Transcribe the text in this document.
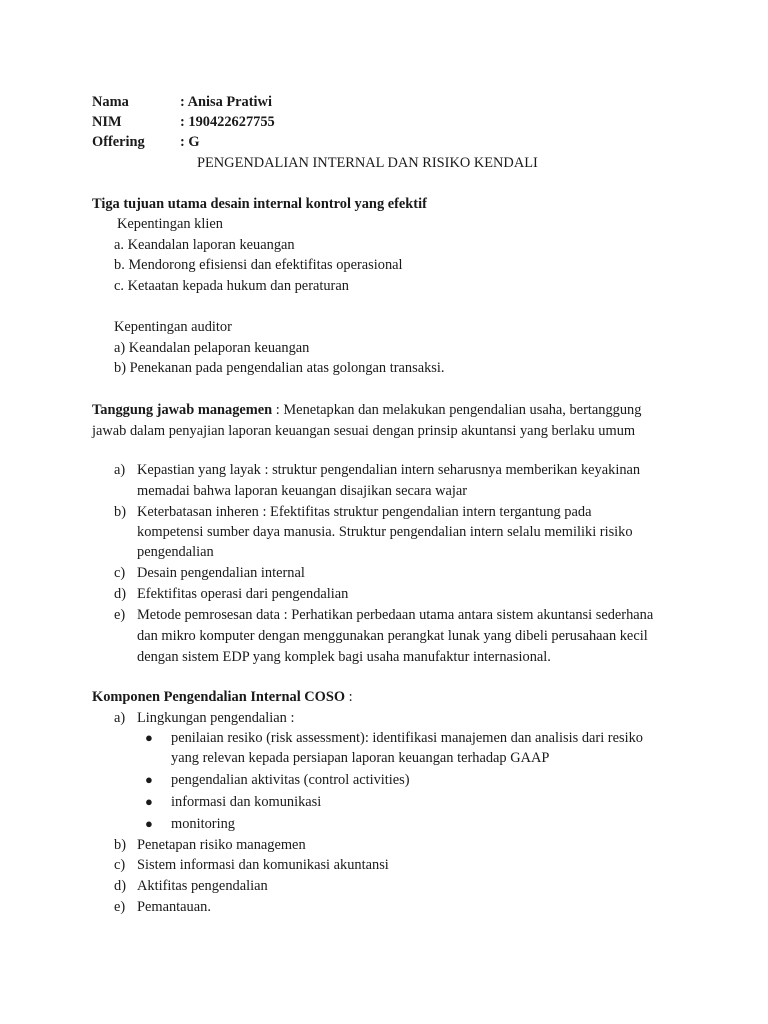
Nama	: Anisa Pratiwi
NIM	: 190422627755
Offering : G
PENGENDALIAN INTERNAL DAN RISIKO KENDALI
Tiga tujuan utama desain internal kontrol yang efektif
Kepentingan klien
a. Keandalan laporan keuangan
b. Mendorong efisiensi dan efektifitas operasional
c. Ketaatan kepada hukum dan peraturan
Kepentingan auditor
a) Keandalan pelaporan keuangan
b) Penekanan pada pengendalian atas golongan transaksi.
Tanggung jawab managemen : Menetapkan dan melakukan pengendalian usaha, bertanggung
jawab dalam penyajian laporan keuangan sesuai dengan prinsip akuntansi yang berlaku umum
a) Kepastian yang layak : struktur pengendalian intern seharusnya memberikan keyakinan
memadai bahwa laporan keuangan disajikan secara wajar
b) Keterbatasan inheren : Efektifitas struktur pengendalian intern tergantung pada
kompetensi sumber daya manusia. Struktur pengendalian intern selalu memiliki risiko
pengendalian
c) Desain pengendalian internal
d) Efektifitas operasi dari pengendalian
e) Metode pemrosesan data : Perhatikan perbedaan utama antara sistem akuntansi sederhana
dan mikro komputer dengan menggunakan perangkat lunak yang dibeli perusahaan kecil
dengan sistem EDP yang komplek bagi usaha manufaktur internasional.
Komponen Pengendalian Internal COSO :
a) Lingkungan pengendalian :
● penilaian resiko (risk assessment): identifikasi manajemen dan analisis dari resiko
yang relevan kepada persiapan laporan keuangan terhadap GAAP
● pengendalian aktivitas (control activities)
● informasi dan komunikasi
● monitoring
b) Penetapan risiko managemen
c) Sistem informasi dan komunikasi akuntansi
d) Aktifitas pengendalian
e) Pemantauan.
